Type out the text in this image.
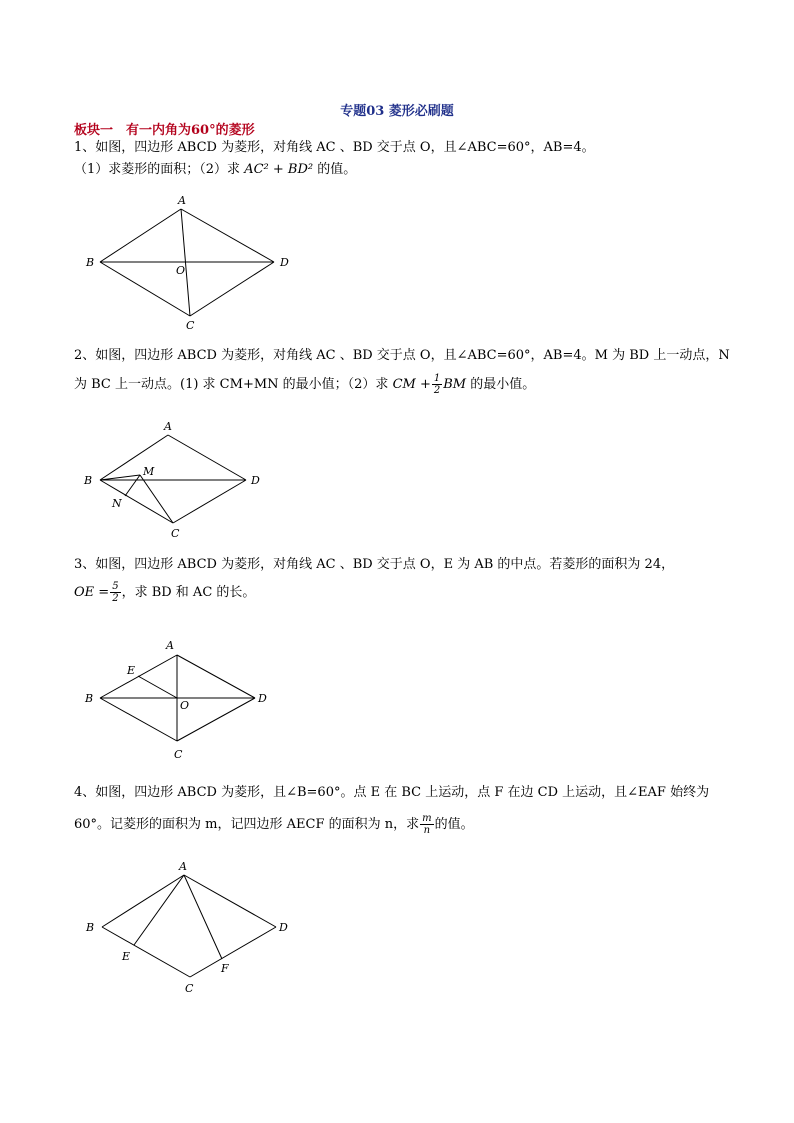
专题03 菱形必刷题
板块一　有一内角为60°的菱形
1、如图，四边形 ABCD 为菱形，对角线 AC 、BD 交于点 O，且∠ABC=60°，AB=4。
（1）求菱形的面积；（2）求 AC² + BD² 的值。
A
B
C
D
O
2、如图，四边形 ABCD 为菱形，对角线 AC 、BD 交于点 O，且∠ABC=60°，AB=4。M 为 BD 上一动点，N
为 BC 上一动点。(1) 求 CM+MN 的最小值；（2）求 CM + $\frac{1}{2}$ BM 的最小值。
A
B
C
D
M
N
3、如图，四边形 ABCD 为菱形，对角线 AC 、BD 交于点 O，E 为 AB 的中点。若菱形的面积为 24，
OE = $\frac{5}{2}$ ，求 BD 和 AC 的长。
A
B
C
D
E
O
4、如图，四边形 ABCD 为菱形，且∠B=60°。点 E 在 BC 上运动，点 F 在边 CD 上运动，且∠EAF 始终为
60°。记菱形的面积为 m，记四边形 AECF 的面积为 n，求 $\frac{m}{n}$ 的值。
A
B
C
D
E
F
